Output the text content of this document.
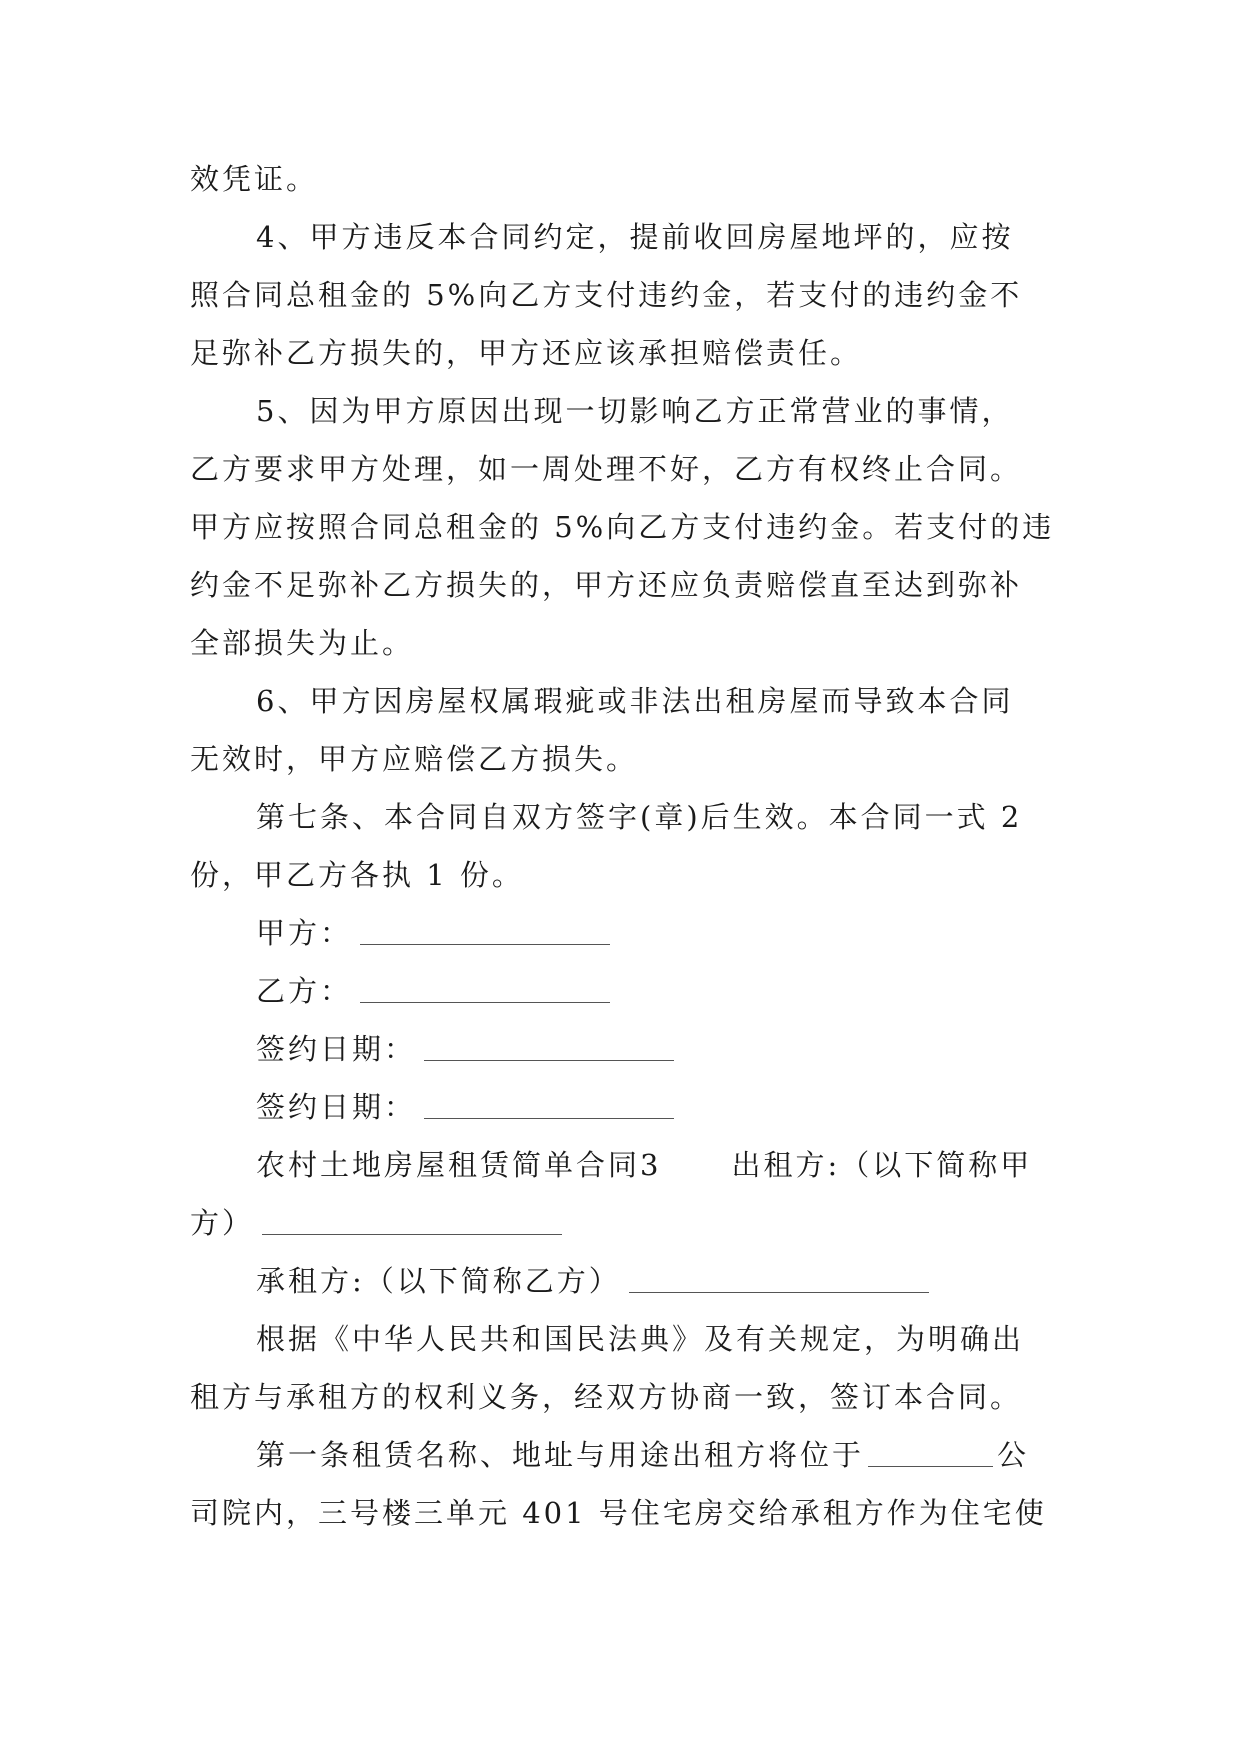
效凭证。
4、甲方违反本合同约定，提前收回房屋地坪的，应按
照合同总租金的 5%向乙方支付违约金，若支付的违约金不
足弥补乙方损失的，甲方还应该承担赔偿责任。
5、因为甲方原因出现一切影响乙方正常营业的事情，
乙方要求甲方处理，如一周处理不好，乙方有权终止合同。
甲方应按照合同总租金的 5%向乙方支付违约金。若支付的违
约金不足弥补乙方损失的，甲方还应负责赔偿直至达到弥补
全部损失为止。
6、甲方因房屋权属瑕疵或非法出租房屋而导致本合同
无效时，甲方应赔偿乙方损失。
第七条、本合同自双方签字(章)后生效。本合同一式 2
份，甲乙方各执 1 份。
甲方：
乙方：
签约日期：
签约日期：
农村土地房屋租赁简单合同3 出租方:（以下简称甲
方）
承租方:（以下简称乙方）
根据《中华人民共和国民法典》及有关规定，为明确出
租方与承租方的权利义务，经双方协商一致，签订本合同。
第一条租赁名称、地址与用途出租方将位于	公
司院内，三号楼三单元 401 号住宅房交给承租方作为住宅使
